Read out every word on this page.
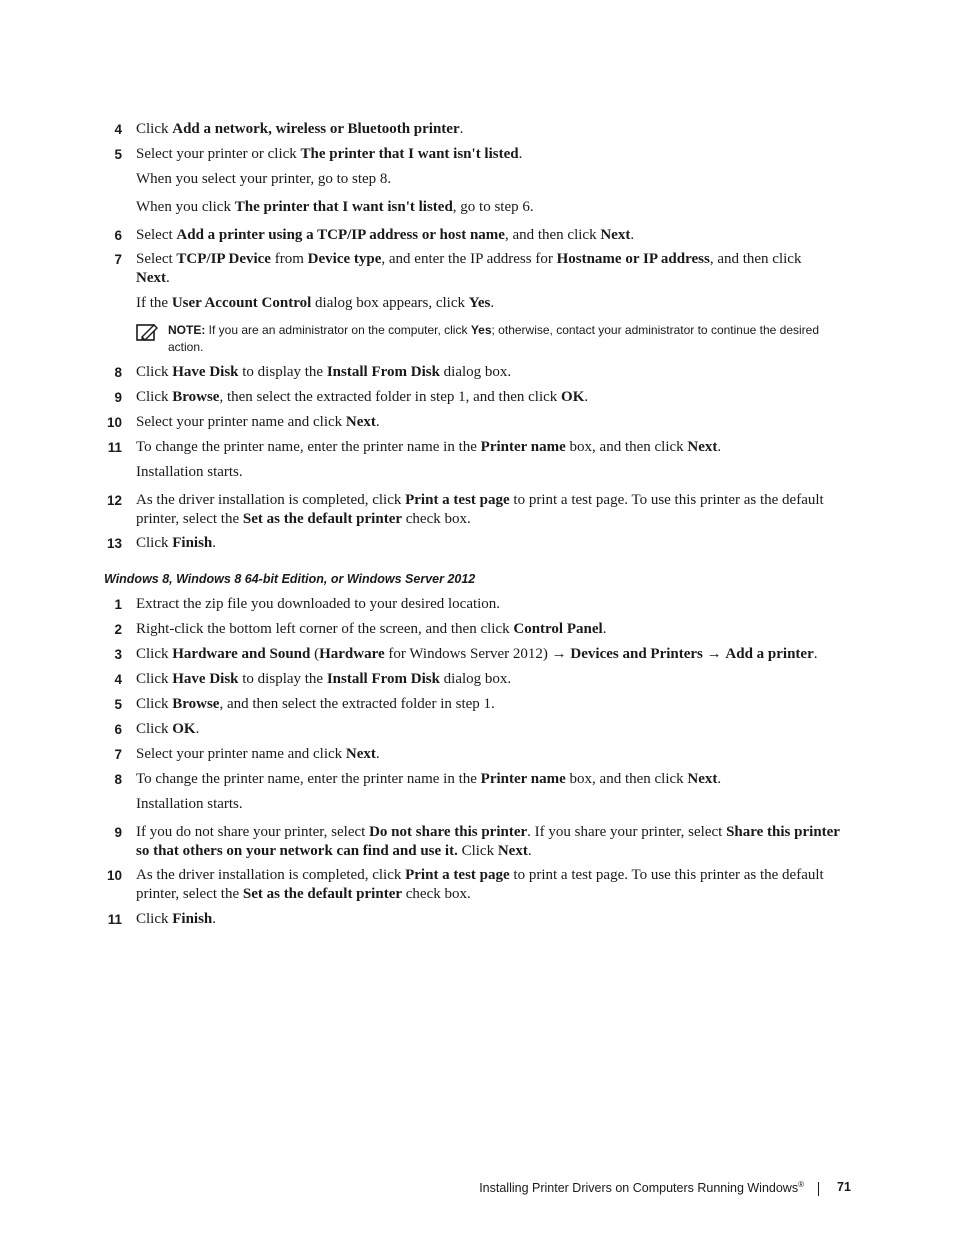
4 Click Add a network, wireless or Bluetooth printer.
5 Select your printer or click The printer that I want isn't listed.
When you select your printer, go to step 8.
When you click The printer that I want isn't listed, go to step 6.
6 Select Add a printer using a TCP/IP address or host name, and then click Next.
7 Select TCP/IP Device from Device type, and enter the IP address for Hostname or IP address, and then click
Next.
If the User Account Control dialog box appears, click Yes.
NOTE: If you are an administrator on the computer, click Yes; otherwise, contact your administrator to continue the desired
action.
8 Click Have Disk to display the Install From Disk dialog box.
9 Click Browse, then select the extracted folder in step 1, and then click OK.
10 Select your printer name and click Next.
11 To change the printer name, enter the printer name in the Printer name box, and then click Next.
Installation starts.
12 As the driver installation is completed, click Print a test page to print a test page. To use this printer as the default
printer, select the Set as the default printer check box.
13 Click Finish.
Windows 8, Windows 8 64-bit Edition, or Windows Server 2012
1 Extract the zip file you downloaded to your desired location.
2 Right-click the bottom left corner of the screen, and then click Control Panel.
3 Click Hardware and Sound (Hardware for Windows Server 2012) → Devices and Printers → Add a printer.
4 Click Have Disk to display the Install From Disk dialog box.
5 Click Browse, and then select the extracted folder in step 1.
6 Click OK.
7 Select your printer name and click Next.
8 To change the printer name, enter the printer name in the Printer name box, and then click Next.
Installation starts.
9 If you do not share your printer, select Do not share this printer. If you share your printer, select Share this printer
so that others on your network can find and use it. Click Next.
10 As the driver installation is completed, click Print a test page to print a test page. To use this printer as the default
printer, select the Set as the default printer check box.
11 Click Finish.
Installing Printer Drivers on Computers Running Windows®	71
